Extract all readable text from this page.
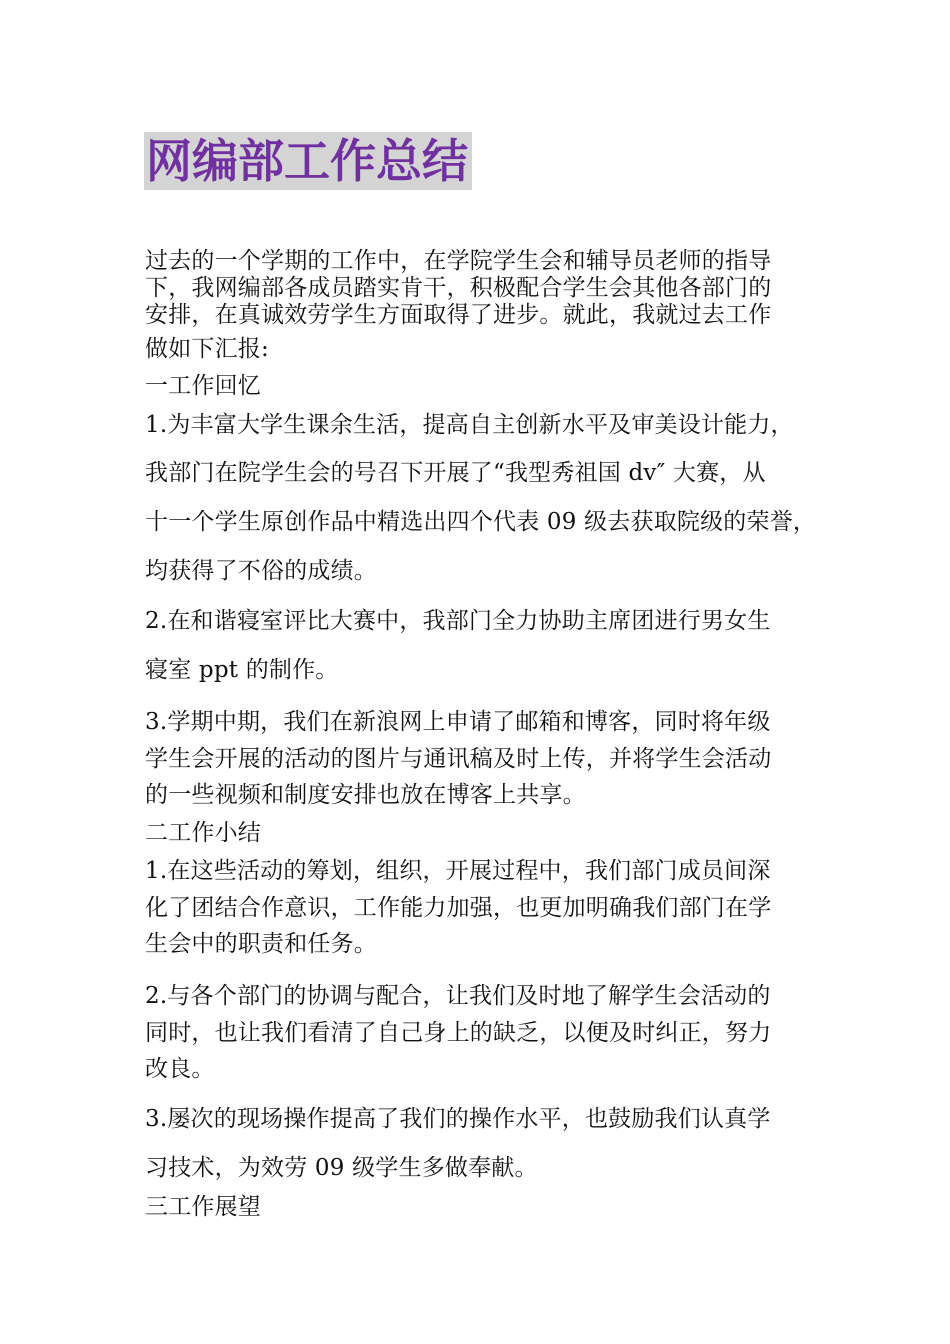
网编部工作总结
过去的一个学期的工作中，在学院学生会和辅导员老师的指导
下，我网编部各成员踏实肯干，积极配合学生会其他各部门的
安排，在真诚效劳学生方面取得了进步。就此，我就过去工作
做如下汇报:
一工作回忆
1.为丰富大学生课余生活，提高自主创新水平及审美设计能力，
我部门在院学生会的号召下开展了“我型秀祖国 dv″ 大赛，从
十一个学生原创作品中精选出四个代表 09 级去获取院级的荣誉，
均获得了不俗的成绩。
2.在和谐寝室评比大赛中，我部门全力协助主席团进行男女生
寝室 ppt 的制作。
3.学期中期，我们在新浪网上申请了邮箱和博客，同时将年级
学生会开展的活动的图片与通讯稿及时上传，并将学生会活动
的一些视频和制度安排也放在博客上共享。
二工作小结
1.在这些活动的筹划，组织，开展过程中，我们部门成员间深
化了团结合作意识，工作能力加强，也更加明确我们部门在学
生会中的职责和任务。
2.与各个部门的协调与配合，让我们及时地了解学生会活动的
同时，也让我们看清了自己身上的缺乏，以便及时纠正，努力
改良。
3.屡次的现场操作提高了我们的操作水平，也鼓励我们认真学
习技术，为效劳 09 级学生多做奉献。
三工作展望
